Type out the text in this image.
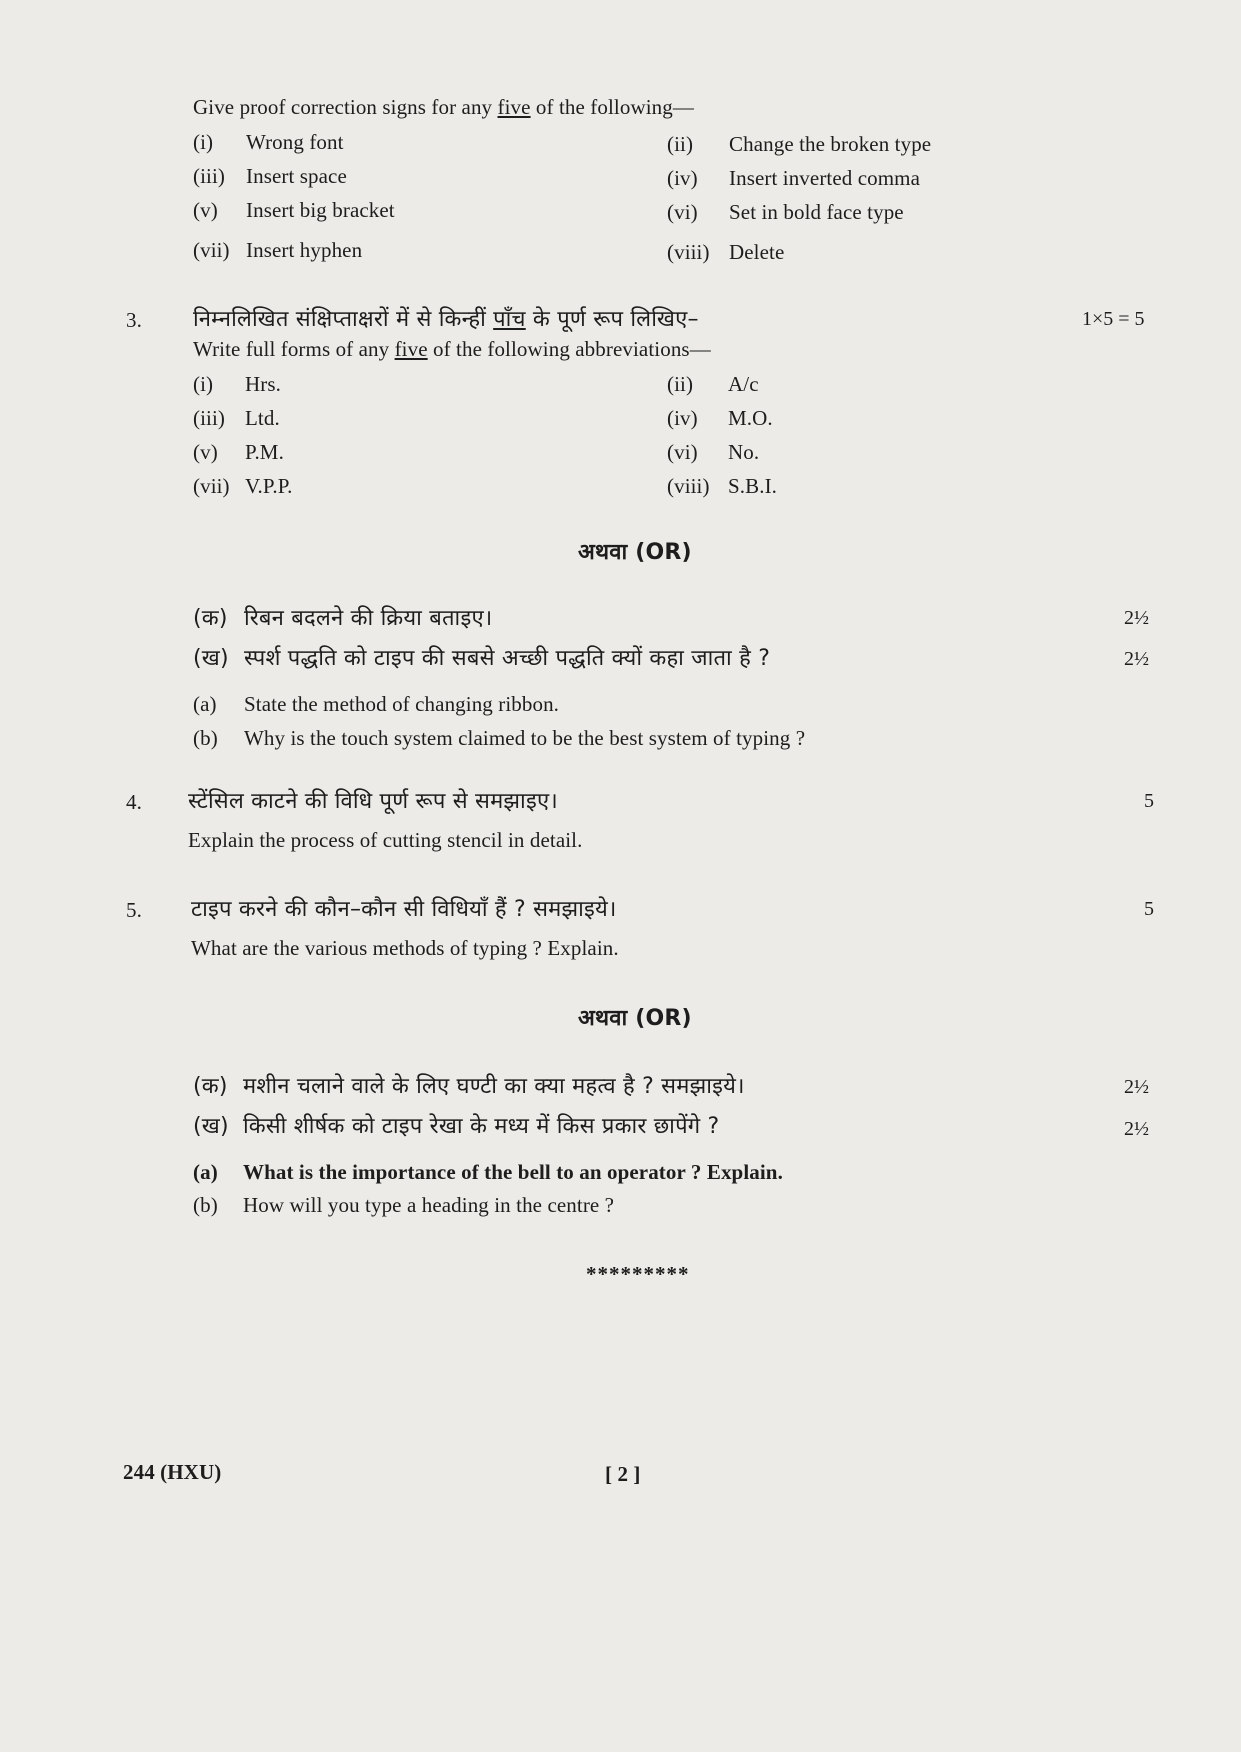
Give proof correction signs for any five of the following—
(i) Wrong font	(ii) Change the broken type
(iii) Insert space	(iv) Insert inverted comma
(v) Insert big bracket	(vi) Set in bold face type
(vii) Insert hyphen	(viii) Delete
3. निम्नलिखित संक्षिप्ताक्षरों में से किन्हीं पाँच के पूर्ण रूप लिखिए–	1×5 = 5
Write full forms of any five of the following abbreviations—
(i) Hrs.	(ii) A/c
(iii) Ltd.	(iv) M.O.
(v) P.M.	(vi) No.
(vii) V.P.P.	(viii) S.B.I.
अथवा (OR)
(क) रिबन बदलने की क्रिया बताइए।	2½
(ख) स्पर्श पद्धति को टाइप की सबसे अच्छी पद्धति क्यों कहा जाता है ?	2½
(a) State the method of changing ribbon.
(b) Why is the touch system claimed to be the best system of typing ?
4. स्टेंसिल काटने की विधि पूर्ण रूप से समझाइए।	5
Explain the process of cutting stencil in detail.
5. टाइप करने की कौन–कौन सी विधियाँ हैं ? समझाइये।	5
What are the various methods of typing ? Explain.
अथवा (OR)
(क) मशीन चलाने वाले के लिए घण्टी का क्या महत्व है ? समझाइये।	2½
(ख) किसी शीर्षक को टाइप रेखा के मध्य में किस प्रकार छापेंगे ?	2½
(a) What is the importance of the bell to an operator ? Explain.
(b) How will you type a heading in the centre ?
*********
244 (HXU)	[ 2 ]
